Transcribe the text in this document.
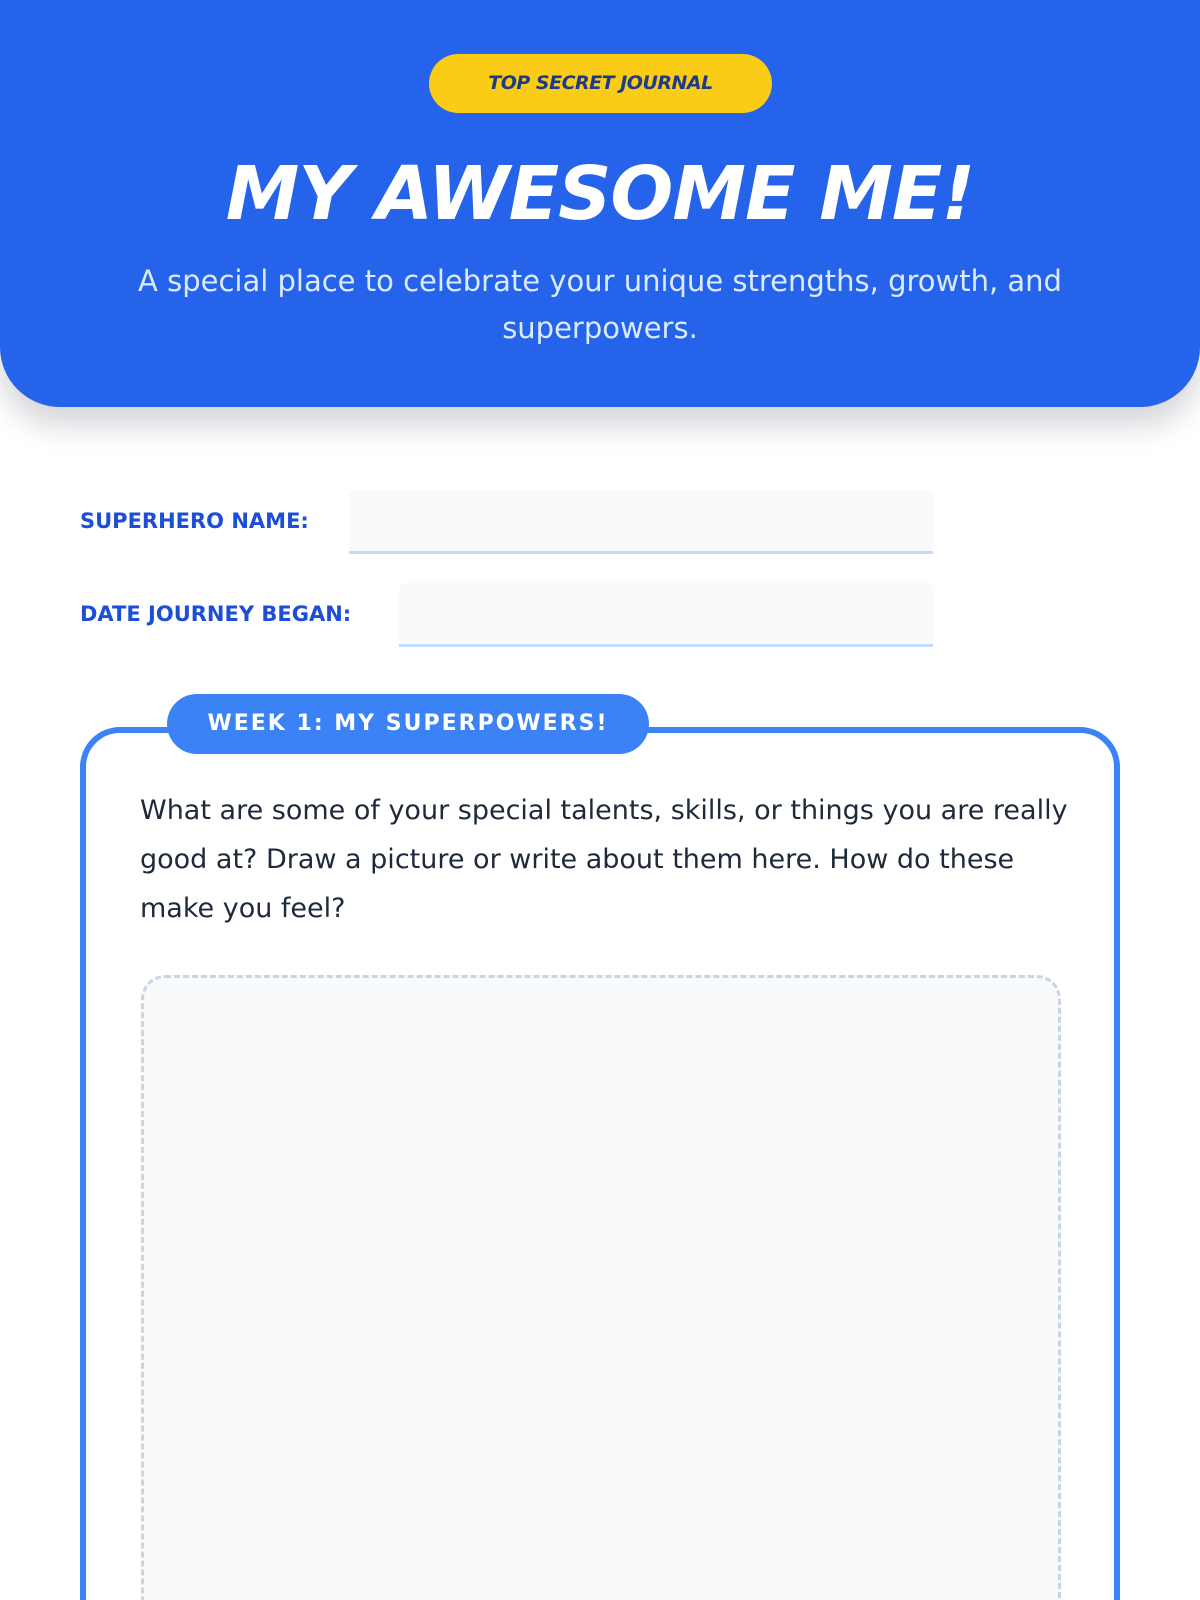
TOP SECRET JOURNAL
MY AWESOME ME!

A special place to celebrate your unique strengths, growth, and superpowers.

SUPERHERO NAME:
DATE JOURNEY BEGAN:
WEEK 1: MY SUPERPOWERS!

What are some of your special talents, skills, or things you are really good at? Draw a picture or write about them here. How do these make you feel?
